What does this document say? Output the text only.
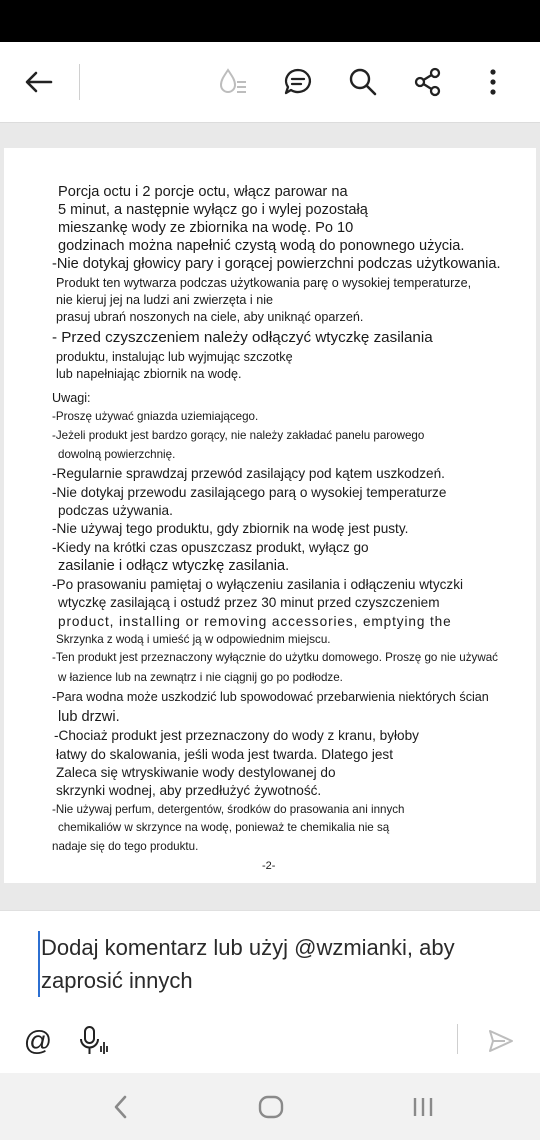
Porcja octu i 2 porcje octu, włącz parowar na
5 minut, a następnie wyłącz go i wylej pozostałą
mieszankę wody ze zbiornika na wodę. Po 10
godzinach można napełnić czystą wodą do ponownego użycia.
-Nie dotykaj głowicy pary i gorącej powierzchni podczas użytkowania.
Produkt ten wytwarza podczas użytkowania parę o wysokiej temperaturze,
nie kieruj jej na ludzi ani zwierzęta i nie
prasuj ubrań noszonych na ciele, aby uniknąć oparzeń.
- Przed czyszczeniem należy odłączyć wtyczkę zasilania
produktu, instalując lub wyjmując szczotkę
lub napełniając zbiornik na wodę.
Uwagi:
-Proszę używać gniazda uziemiającego.
-Jeżeli produkt jest bardzo gorący, nie należy zakładać panelu parowego
dowolną powierzchnię.
-Regularnie sprawdzaj przewód zasilający pod kątem uszkodzeń.
-Nie dotykaj przewodu zasilającego parą o wysokiej temperaturze
podczas używania.
-Nie używaj tego produktu, gdy zbiornik na wodę jest pusty.
-Kiedy na krótki czas opuszczasz produkt, wyłącz go
zasilanie i odłącz wtyczkę zasilania.
-Po prasowaniu pamiętaj o wyłączeniu zasilania i odłączeniu wtyczki
wtyczkę zasilającą i ostudź przez 30 minut przed czyszczeniem
product, installing or removing accessories, emptying the
Skrzynka z wodą i umieść ją w odpowiednim miejscu.
-Ten produkt jest przeznaczony wyłącznie do użytku domowego. Proszę go nie używać
w łazience lub na zewnątrz i nie ciągnij go po podłodze.
-Para wodna może uszkodzić lub spowodować przebarwienia niektórych ścian
lub drzwi.
-Chociaż produkt jest przeznaczony do wody z kranu, byłoby
łatwy do skalowania, jeśli woda jest twarda. Dlatego jest
Zaleca się wtryskiwanie wody destylowanej do
skrzynki wodnej, aby przedłużyć żywotność.
-Nie używaj perfum, detergentów, środków do prasowania ani innych
chemikaliów w skrzynce na wodę, ponieważ te chemikalia nie są
nadaje się do tego produktu.
-2-
Dodaj komentarz lub użyj @wzmianki, aby zaprosić innych
@
